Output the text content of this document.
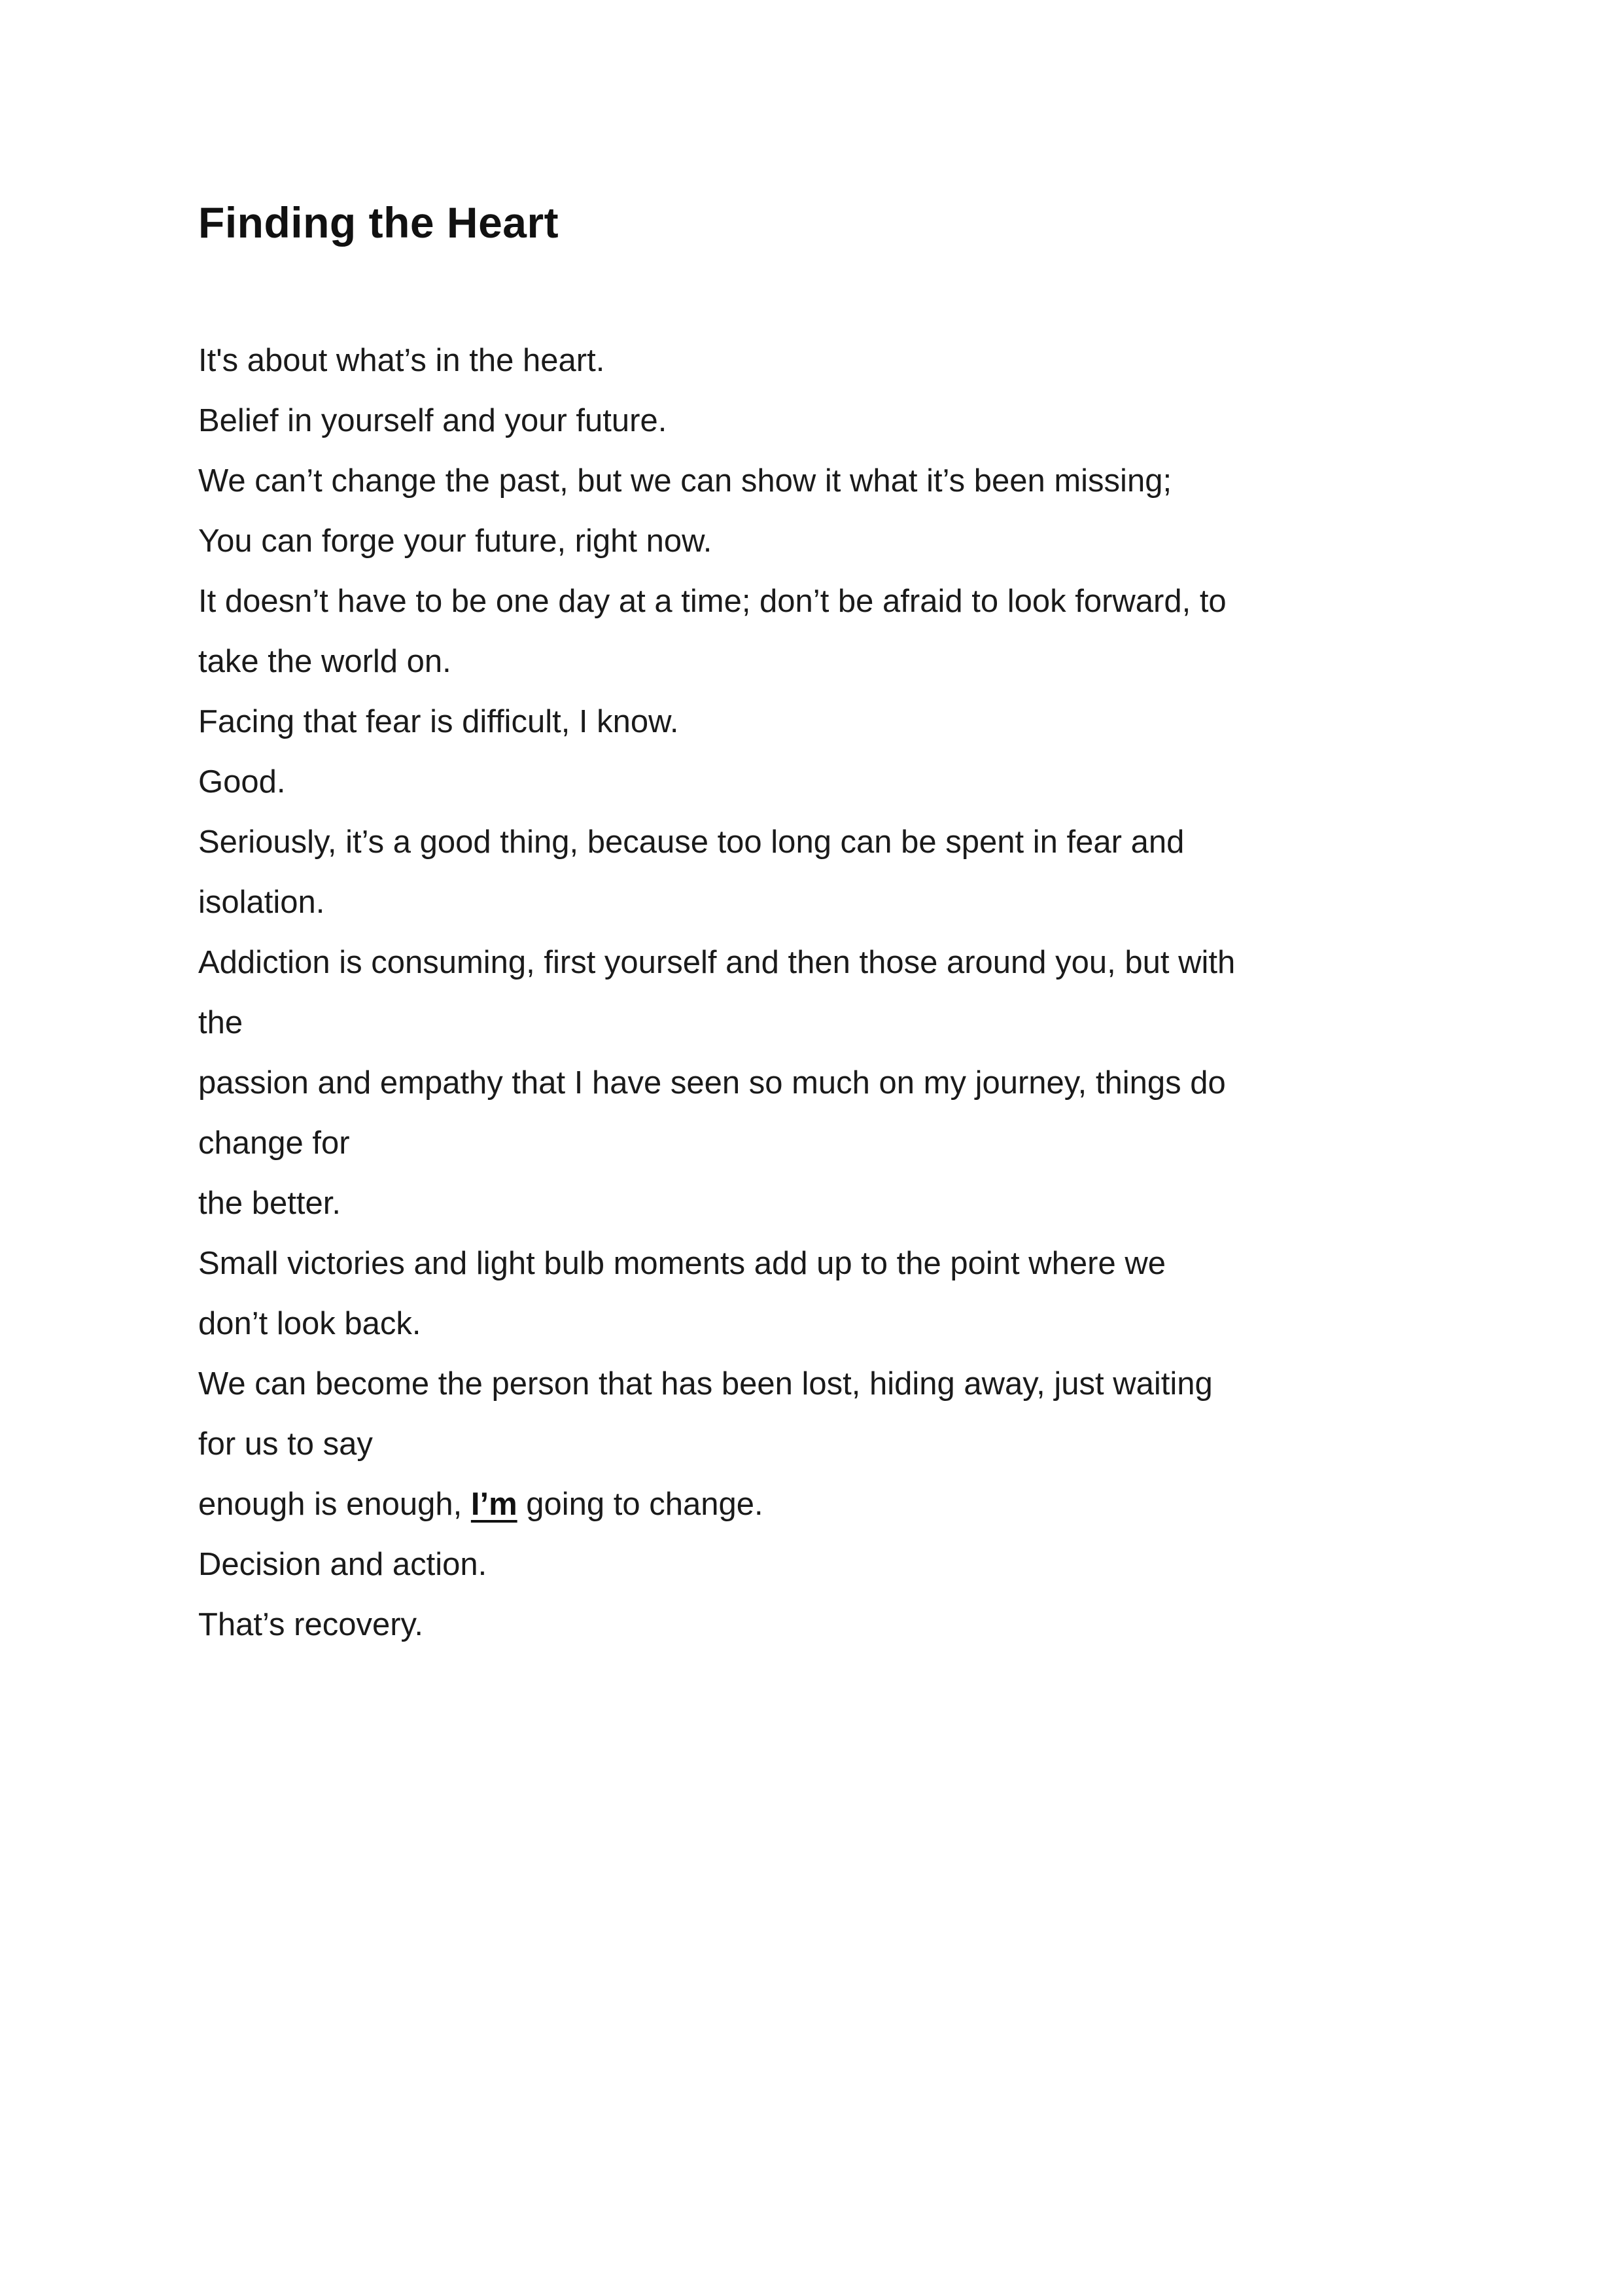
Finding the Heart
It's about what’s in the heart.
Belief in yourself and your future.
We can’t change the past, but we can show it what it’s been missing;
You can forge your future, right now.
It doesn’t have to be one day at a time; don’t be afraid to look forward, to
take the world on.
Facing that fear is difficult, I know.
Good.
Seriously, it’s a good thing, because too long can be spent in fear and
isolation.
Addiction is consuming, first yourself and then those around you, but with
the
passion and empathy that I have seen so much on my journey, things do
change for
the better.
Small victories and light bulb moments add up to the point where we
don’t look back.
We can become the person that has been lost, hiding away, just waiting
for us to say
enough is enough, I’m going to change.
Decision and action.
That’s recovery.
